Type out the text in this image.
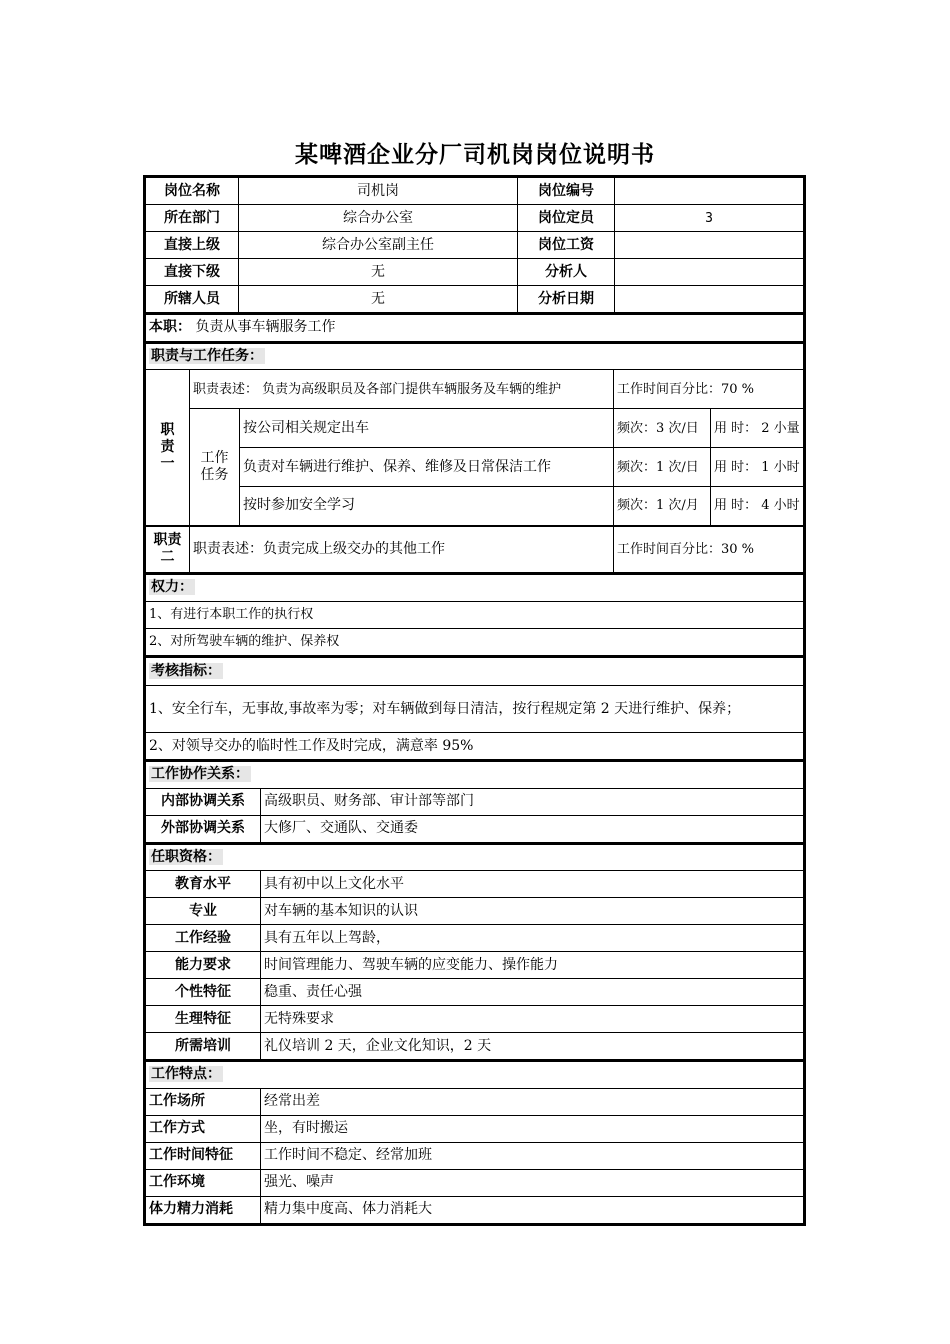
某啤酒企业分厂司机岗岗位说明书
岗位名称	司机岗	岗位编号	
所在部门	综合办公室	岗位定员	3
直接上级	综合办公室副主任	岗位工资	
直接下级	无	分析人	
所辖人员	无	分析日期	
本职： 负责从事车辆服务工作
职责与工作任务：				
职责一	职责表述： 负责为高级职员及各部门提供车辆服务及车辆的维护		工作时间百分比：70 %	
	工作任务	按公司相关规定出车	频次：3 次/日	用 时： 2 小量
		负责对车辆进行维护、保养、维修及日常保洁工作	频次：1 次/日	用 时： 1 小时
		按时参加安全学习	频次：1 次/月	用 时： 4 小时
职责二	职责表述：负责完成上级交办的其他工作		工作时间百分比：30 %	
权力：
1、有进行本职工作的执行权
2、对所驾驶车辆的维护、保养权
考核指标：
1、安全行车，无事故,事故率为零；对车辆做到每日清洁，按行程规定第 2 天进行维护、保养；
2、对领导交办的临时性工作及时完成，满意率 95%
工作协作关系：	
内部协调关系	高级职员、财务部、审计部等部门
外部协调关系	大修厂、交通队、交通委
任职资格：	
教育水平	具有初中以上文化水平
专业	对车辆的基本知识的认识
工作经验	具有五年以上驾龄，
能力要求	时间管理能力、驾驶车辆的应变能力、操作能力
个性特征	稳重、责任心强
生理特征	无特殊要求
所需培训	礼仪培训 2 天，企业文化知识，2 天
工作特点：	
工作场所	经常出差
工作方式	坐，有时搬运
工作时间特征	工作时间不稳定、经常加班
工作环境	强光、噪声
体力精力消耗	精力集中度高、体力消耗大
